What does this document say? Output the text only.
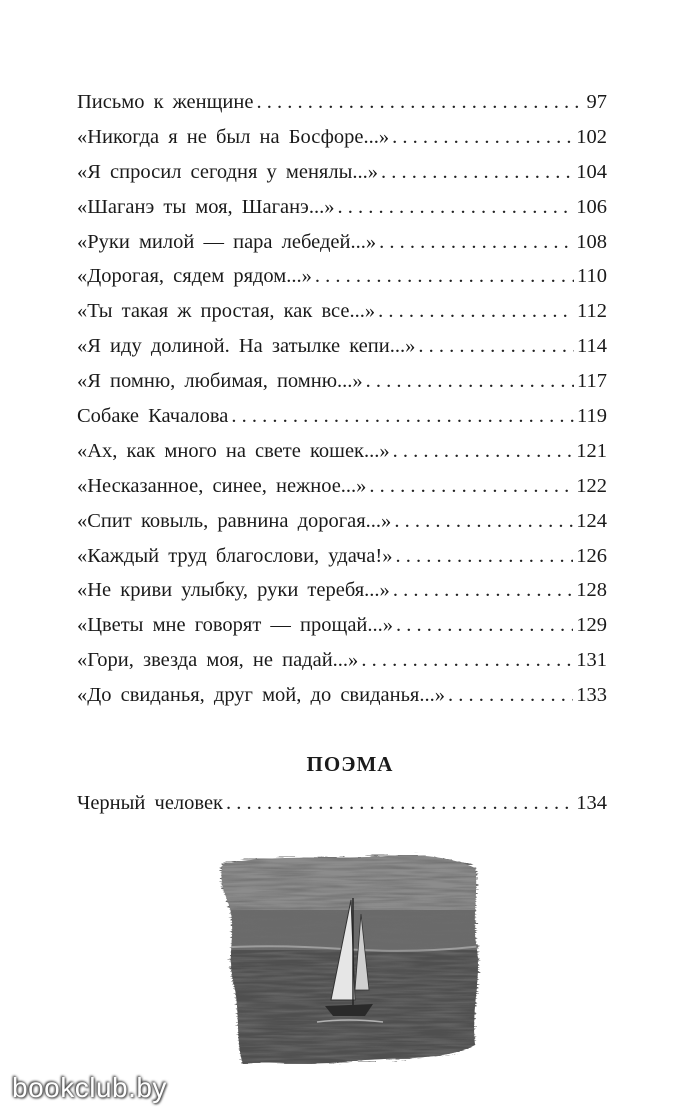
Письмо к женщине . . .	97
«Никогда я не был на Босфоре...» . . .	102
«Я спросил сегодня у менялы...» . . .	104
«Шаганэ ты моя, Шаганэ...» . . .	106
«Руки милой — пара лебедей...» . . .	108
«Дорогая, сядем рядом...» . . .	110
«Ты такая ж простая, как все...» . . .	112
«Я иду долиной. На затылке кепи...» . . .	114
«Я помню, любимая, помню...» . . .	117
Собаке Качалова . . .	119
«Ах, как много на свете кошек...» . . .	121
«Несказанное, синее, нежное...» . . .	122
«Спит ковыль, равнина дорогая...» . . .	124
«Каждый труд благослови, удача!» . . .	126
«Не криви улыбку, руки теребя...» . . .	128
«Цветы мне говорят — прощай...» . . .	129
«Гори, звезда моя, не падай...» . . .	131
«До свиданья, друг мой, до свиданья...» . . .	133
ПОЭМА
Черный человек . . .	134
bookclub.by
